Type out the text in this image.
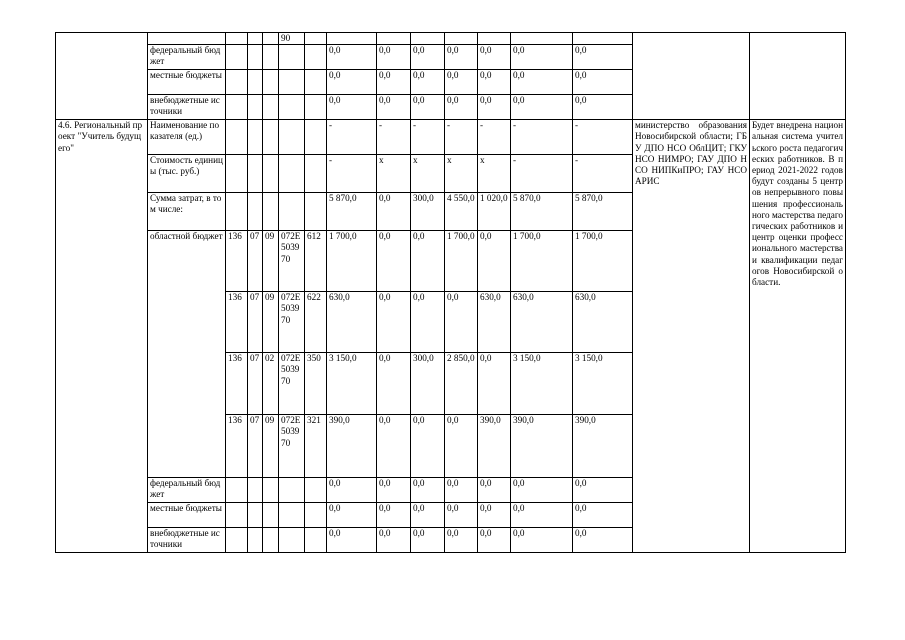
					90										
	федеральный бюджет						0,0	0,0	0,0	0,0	0,0	0,0	0,0		
	местные бюджеты						0,0	0,0	0,0	0,0	0,0	0,0	0,0		
	внебюджетные источники						0,0	0,0	0,0	0,0	0,0	0,0	0,0		
4.6. Региональный проект "Учитель будущего"	Наименование показателя (ед.)						-	-	-	-	-	-	-	министерство образования Новосибирской области; ГБУ ДПО НСО ОблЦИТ; ГКУ НСО НИМРО; ГАУ ДПО НСО НИПКиПРО; ГАУ НСО АРИС	Будет внедрена национальная система учительского роста педагогических работников. В период 2021-2022 годов будут созданы 5 центров непрерывного повышения профессионального мастерства педагогических работников и центр оценки профессионального мастерства и квалификации педагогов Новосибирской области.
	Стоимость единицы (тыс. руб.)						-	х	х	х	х	-	-		
	Сумма затрат, в том числе:						5 870,0	0,0	300,0	4 550,0	1 020,0	5 870,0	5 870,0		
	областной бюджет	136	07	09	072Е503970	612	1 700,0	0,0	0,0	1 700,0	0,0	1 700,0	1 700,0		
		136	07	09	072Е503970	622	630,0	0,0	0,0	0,0	630,0	630,0	630,0		
		136	07	02	072Е503970	350	3 150,0	0,0	300,0	2 850,0	0,0	3 150,0	3 150,0		
		136	07	09	072Е503970	321	390,0	0,0	0,0	0,0	390,0	390,0	390,0		
	федеральный бюджет						0,0	0,0	0,0	0,0	0,0	0,0	0,0		
	местные бюджеты						0,0	0,0	0,0	0,0	0,0	0,0	0,0		
	внебюджетные источники						0,0	0,0	0,0	0,0	0,0	0,0	0,0		
